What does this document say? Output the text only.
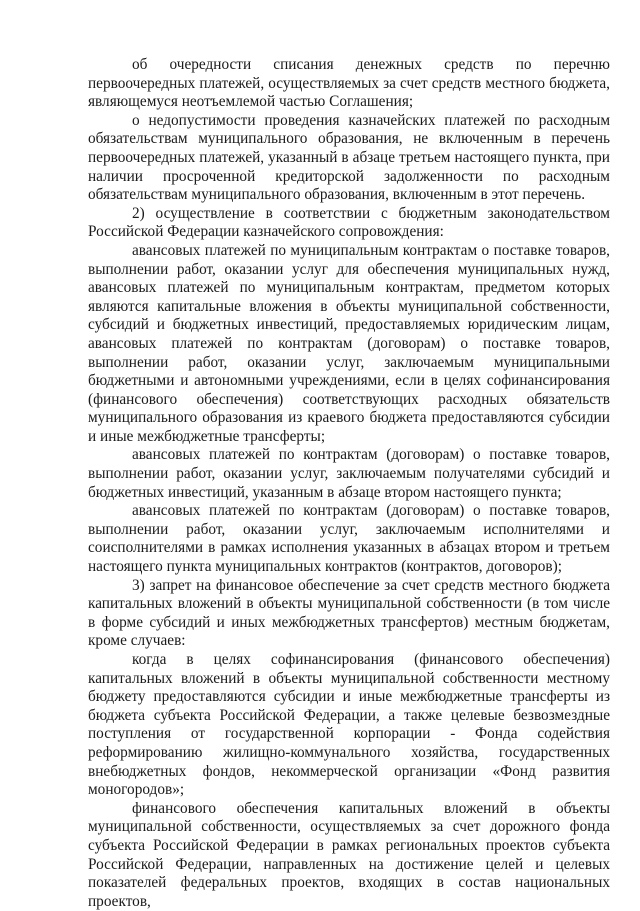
об очередности списания денежных средств по перечню первоочередных платежей, осуществляемых за счет средств местного бюджета, являющемуся неотъемлемой частью Соглашения;

о недопустимости проведения казначейских платежей по расходным обязательствам муниципального образования, не включенным в перечень первоочередных платежей, указанный в абзаце третьем настоящего пункта, при наличии просроченной кредиторской задолженности по расходным обязательствам муниципального образования, включенным в этот перечень.

2) осуществление в соответствии с бюджетным законодательством Российской Федерации казначейского сопровождения:

авансовых платежей по муниципальным контрактам о поставке товаров, выполнении работ, оказании услуг для обеспечения муниципальных нужд, авансовых платежей по муниципальным контрактам, предметом которых являются капитальные вложения в объекты муниципальной собственности, субсидий и бюджетных инвестиций, предоставляемых юридическим лицам, авансовых платежей по контрактам (договорам) о поставке товаров, выполнении работ, оказании услуг, заключаемым муниципальными бюджетными и автономными учреждениями, если в целях софинансирования (финансового обеспечения) соответствующих расходных обязательств муниципального образования из краевого бюджета предоставляются субсидии и иные межбюджетные трансферты;

авансовых платежей по контрактам (договорам) о поставке товаров, выполнении работ, оказании услуг, заключаемым получателями субсидий и бюджетных инвестиций, указанным в абзаце втором настоящего пункта;

авансовых платежей по контрактам (договорам) о поставке товаров, выполнении работ, оказании услуг, заключаемым исполнителями и соисполнителями в рамках исполнения указанных в абзацах втором и третьем настоящего пункта муниципальных контрактов (контрактов, договоров);

3) запрет на финансовое обеспечение за счет средств местного бюджета капитальных вложений в объекты муниципальной собственности (в том числе в форме субсидий и иных межбюджетных трансфертов) местным бюджетам, кроме случаев:

когда в целях софинансирования (финансового обеспечения) капитальных вложений в объекты муниципальной собственности местному бюджету предоставляются субсидии и иные межбюджетные трансферты из бюджета субъекта Российской Федерации, а также целевые безвозмездные поступления от государственной корпорации - Фонда содействия реформированию жилищно-коммунального хозяйства, государственных внебюджетных фондов, некоммерческой организации «Фонд развития моногородов»;

финансового обеспечения капитальных вложений в объекты муниципальной собственности, осуществляемых за счет дорожного фонда субъекта Российской Федерации в рамках региональных проектов субъекта Российской Федерации, направленных на достижение целей и целевых показателей федеральных проектов, входящих в состав национальных проектов,
